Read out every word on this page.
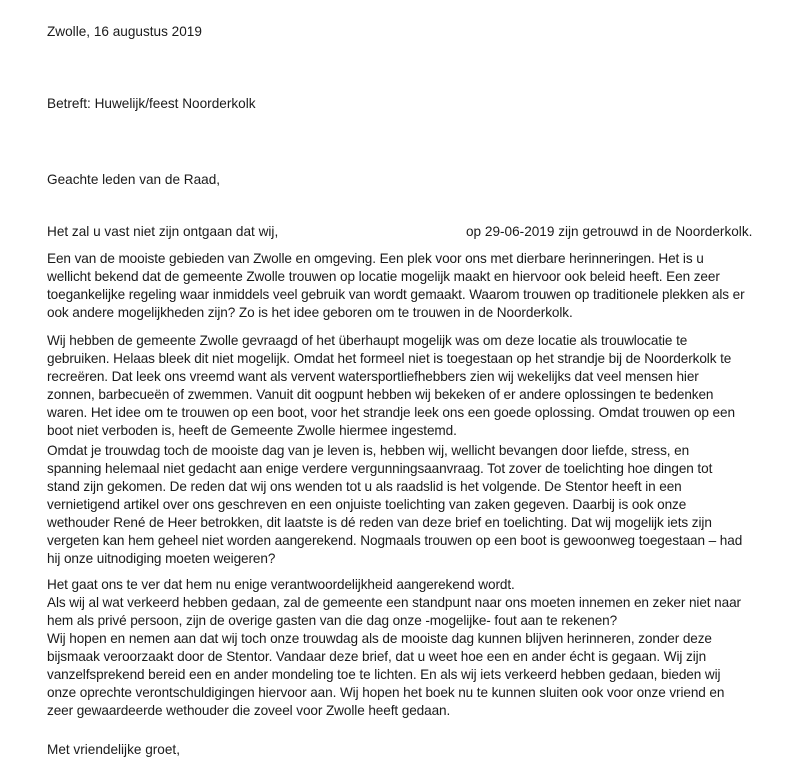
Zwolle, 16 augustus 2019
Betreft: Huwelijk/feest Noorderkolk
Geachte leden van de Raad,
Het zal u vast niet zijn ontgaan dat wij,	op 29-06-2019 zijn getrouwd in de Noorderkolk.
Een van de mooiste gebieden van Zwolle en omgeving. Een plek voor ons met dierbare herinneringen. Het is u
wellicht bekend dat de gemeente Zwolle trouwen op locatie mogelijk maakt en hiervoor ook beleid heeft. Een zeer
toegankelijke regeling waar inmiddels veel gebruik van wordt gemaakt. Waarom trouwen op traditionele plekken als er
ook andere mogelijkheden zijn? Zo is het idee geboren om te trouwen in de Noorderkolk.
Wij hebben de gemeente Zwolle gevraagd of het überhaupt mogelijk was om deze locatie als trouwlocatie te
gebruiken. Helaas bleek dit niet mogelijk. Omdat het formeel niet is toegestaan op het strandje bij de Noorderkolk te
recreëren. Dat leek ons vreemd want als vervent watersportliefhebbers zien wij wekelijks dat veel mensen hier
zonnen, barbecueën of zwemmen. Vanuit dit oogpunt hebben wij bekeken of er andere oplossingen te bedenken
waren. Het idee om te trouwen op een boot, voor het strandje leek ons een goede oplossing. Omdat trouwen op een
boot niet verboden is, heeft de Gemeente Zwolle hiermee ingestemd.
Omdat je trouwdag toch de mooiste dag van je leven is, hebben wij, wellicht bevangen door liefde, stress, en
spanning helemaal niet gedacht aan enige verdere vergunningsaanvraag. Tot zover de toelichting hoe dingen tot
stand zijn gekomen. De reden dat wij ons wenden tot u als raadslid is het volgende. De Stentor heeft in een
vernietigend artikel over ons geschreven en een onjuiste toelichting van zaken gegeven. Daarbij is ook onze
wethouder René de Heer betrokken, dit laatste is dé reden van deze brief en toelichting. Dat wij mogelijk iets zijn
vergeten kan hem geheel niet worden aangerekend. Nogmaals trouwen op een boot is gewoonweg toegestaan – had
hij onze uitnodiging moeten weigeren?
Het gaat ons te ver dat hem nu enige verantwoordelijkheid aangerekend wordt.
Als wij al wat verkeerd hebben gedaan, zal de gemeente een standpunt naar ons moeten innemen en zeker niet naar
hem als privé persoon, zijn de overige gasten van die dag onze -mogelijke- fout aan te rekenen?
Wij hopen en nemen aan dat wij toch onze trouwdag als de mooiste dag kunnen blijven herinneren, zonder deze
bijsmaak veroorzaakt door de Stentor. Vandaar deze brief, dat u weet hoe een en ander écht is gegaan. Wij zijn
vanzelfsprekend bereid een en ander mondeling toe te lichten. En als wij iets verkeerd hebben gedaan, bieden wij
onze oprechte verontschuldigingen hiervoor aan. Wij hopen het boek nu te kunnen sluiten ook voor onze vriend en
zeer gewaardeerde wethouder die zoveel voor Zwolle heeft gedaan.
Met vriendelijke groet,
